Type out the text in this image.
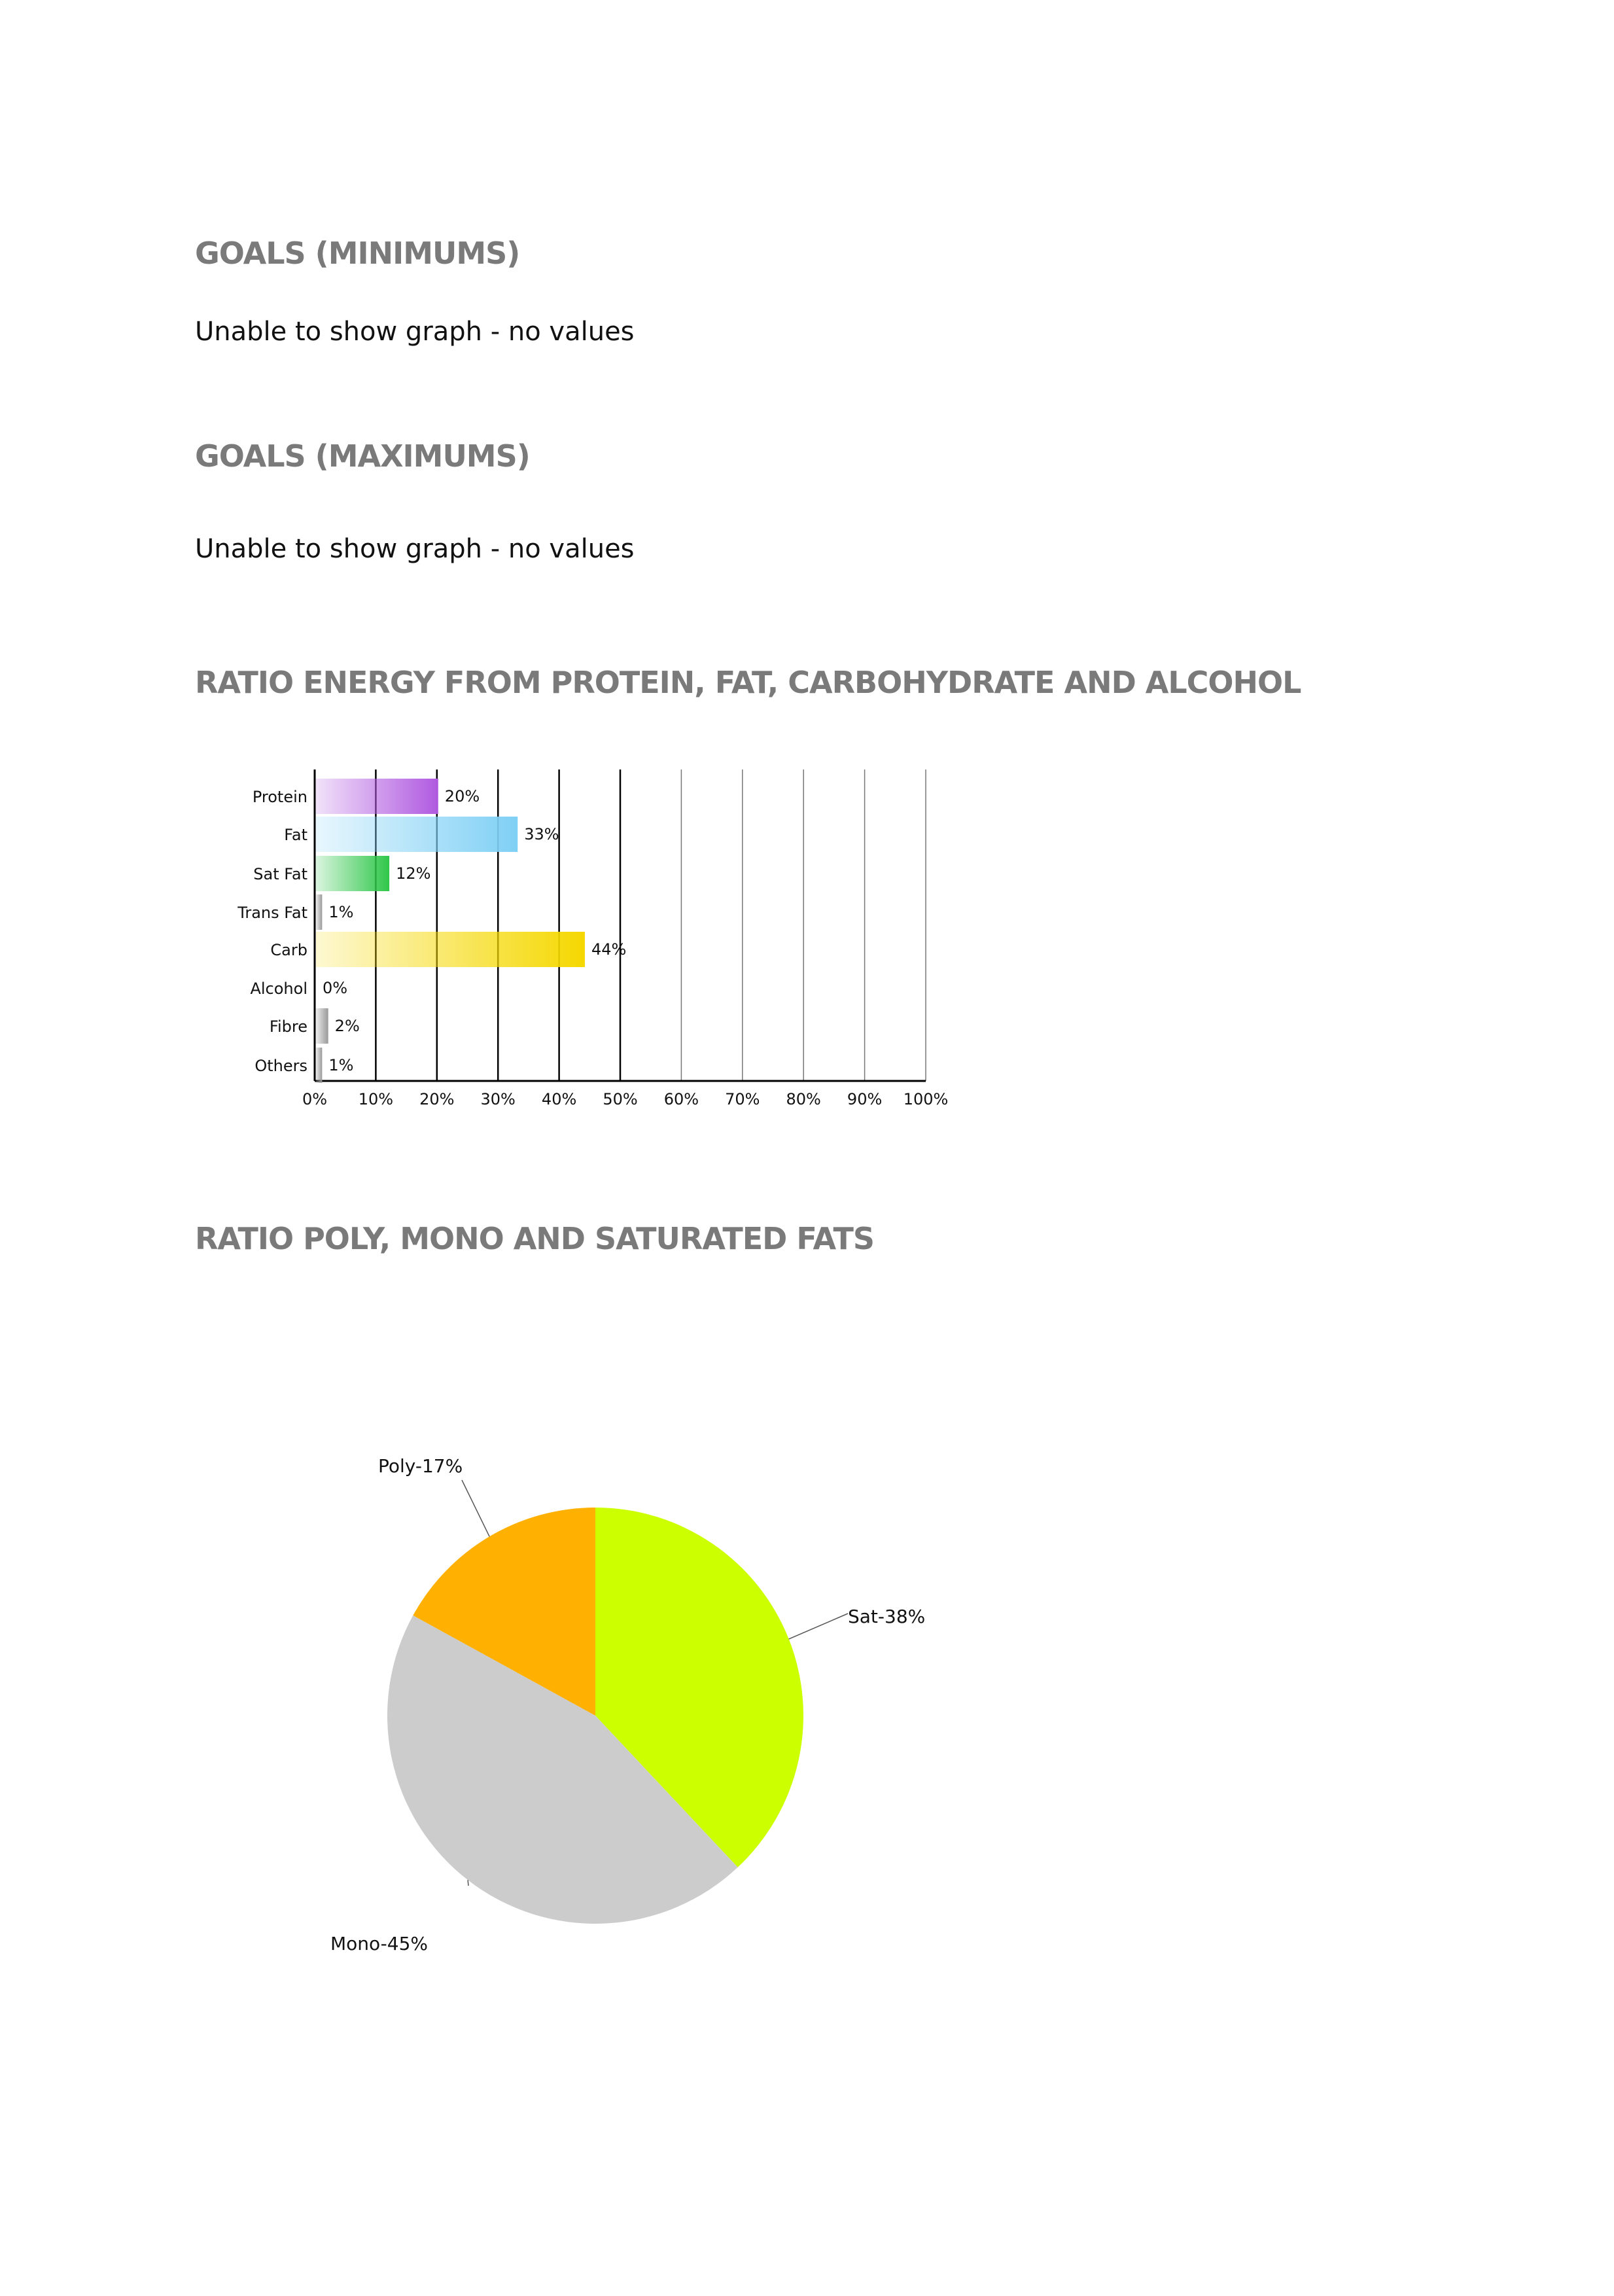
GOALS (MINIMUMS)

Unable to show graph - no values

GOALS (MAXIMUMS)

Unable to show graph - no values

RATIO ENERGY FROM PROTEIN, FAT, CARBOHYDRATE AND ALCOHOL
0% 10% 20% 30% 40% 50% 60% 70% 80% 90% 100%
Protein	20%
Fat	33%
Sat Fat	12%
Trans Fat 1%
Carb	44%
Alcohol 0%
Fibre 2%
Others 1%
RATIO POLY, MONO AND SATURATED FATS
Sat-38%
Mono-45%
Poly-17%
